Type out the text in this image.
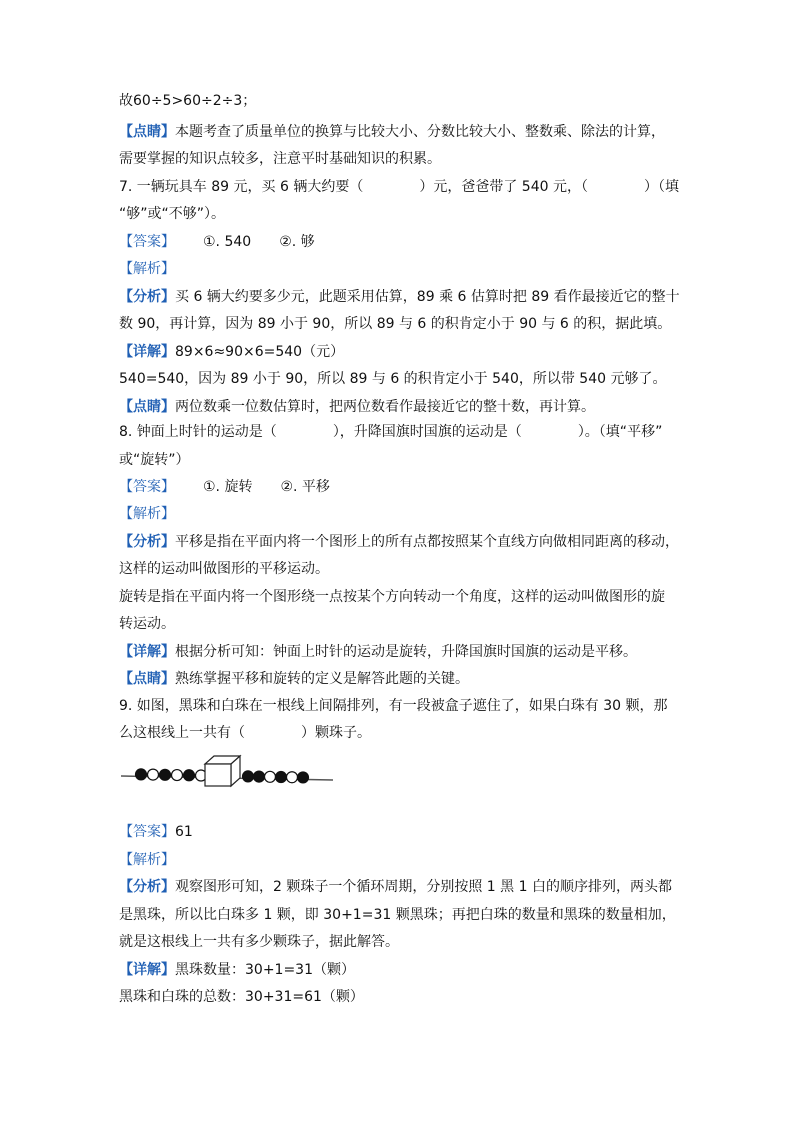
故60÷5>60÷2÷3；
【点睛】本题考查了质量单位的换算与比较大小、分数比较大小、整数乘、除法的计算，
需要掌握的知识点较多，注意平时基础知识的积累。
7. 一辆玩具车 89 元，买 6 辆大约要（	）元，爸爸带了 540 元，（	）（填
“够”或“不够”）。
【答案】 ①. 540 ②. 够
【解析】
【分析】买 6 辆大约要多少元，此题采用估算，89 乘 6 估算时把 89 看作最接近它的整十
数 90，再计算，因为 89 小于 90，所以 89 与 6 的积肯定小于 90 与 6 的积，据此填。
【详解】89×6≈90×6=540（元）
540=540，因为 89 小于 90，所以 89 与 6 的积肯定小于 540，所以带 540 元够了。
【点睛】两位数乘一位数估算时，把两位数看作最接近它的整十数，再计算。
8. 钟面上时针的运动是（	），升降国旗时国旗的运动是（	）。（填“平移”
或“旋转”）
【答案】 ①. 旋转 ②. 平移
【解析】
【分析】平移是指在平面内将一个图形上的所有点都按照某个直线方向做相同距离的移动，
这样的运动叫做图形的平移运动。
旋转是指在平面内将一个图形绕一点按某个方向转动一个角度，这样的运动叫做图形的旋
转运动。
【详解】根据分析可知：钟面上时针的运动是旋转，升降国旗时国旗的运动是平移。
【点睛】熟练掌握平移和旋转的定义是解答此题的关键。
9. 如图，黑珠和白珠在一根线上间隔排列，有一段被盒子遮住了，如果白珠有 30 颗，那
么这根线上一共有（	）颗珠子。
【答案】61
【解析】
【分析】观察图形可知，2 颗珠子一个循环周期，分别按照 1 黑 1 白的顺序排列，两头都
是黑珠，所以比白珠多 1 颗，即 30+1=31 颗黑珠；再把白珠的数量和黑珠的数量相加，
就是这根线上一共有多少颗珠子，据此解答。
【详解】黑珠数量：30+1=31（颗）
黑珠和白珠的总数：30+31=61（颗）
